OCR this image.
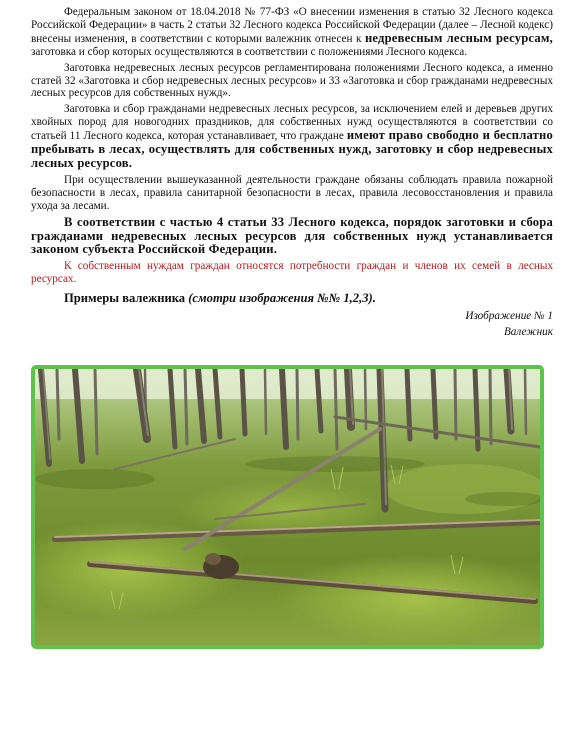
Федеральным законом от 18.04.2018 № 77-ФЗ «О внесении изменения в статью 32 Лесного кодекса Российской Федерации» в часть 2 статьи 32 Лесного кодекса Российской Федерации (далее – Лесной кодекс) внесены изменения, в соответствии с которыми валежник отнесен к недревесным лесным ресурсам, заготовка и сбор которых осуществляются в соответствии с положениями Лесного кодекса.

Заготовка недревесных лесных ресурсов регламентирована положениями Лесного кодекса, а именно статей 32 «Заготовка и сбор недревесных лесных ресурсов» и 33 «Заготовка и сбор гражданами недревесных лесных ресурсов для собственных нужд».

Заготовка и сбор гражданами недревесных лесных ресурсов, за исключением елей и деревьев других хвойных пород для новогодних праздников, для собственных нужд осуществляются в соответствии со статьей 11 Лесного кодекса, которая устанавливает, что граждане имеют право свободно и бесплатно пребывать в лесах, осуществлять для собственных нужд, заготовку и сбор недревесных лесных ресурсов.

При осуществлении вышеуказанной деятельности граждане обязаны соблюдать правила пожарной безопасности в лесах, правила санитарной безопасности в лесах, правила лесовосстановления и правила ухода за лесами.

В соответствии с частью 4 статьи 33 Лесного кодекса, порядок заготовки и сбора гражданами недревесных лесных ресурсов для собственных нужд устанавливается законом субъекта Российской Федерации.

К собственным нуждам граждан относятся потребности граждан и членов их семей в лесных ресурсах.

Примеры валежника (смотри изображения №№ 1,2,3).

Изображение № 1

Валежник
